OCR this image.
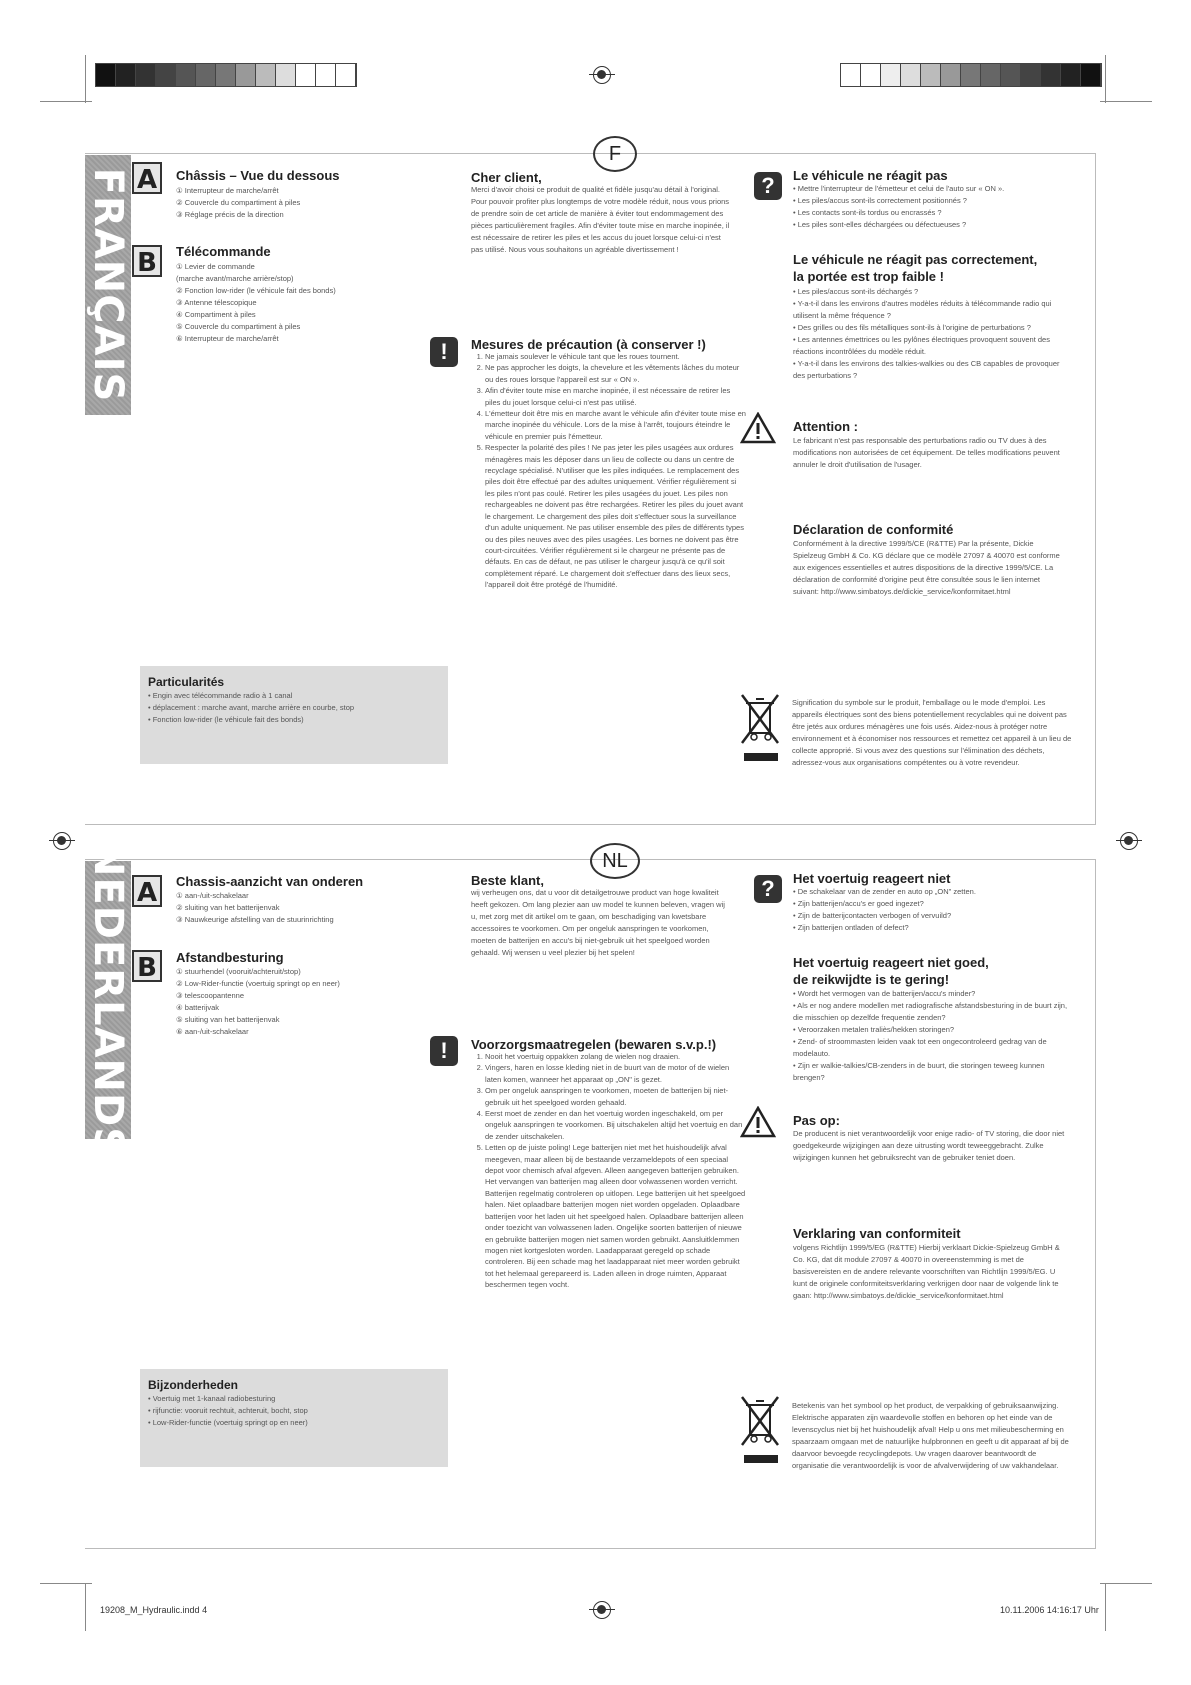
FRANÇAIS A	Châssis – Vue du dessous
① Interrupteur de marche/arrêt
② Couvercle du compartiment à piles
③ Réglage précis de la direction
B	Télécommande
① Levier de commande
(marche avant/marche arrière/stop)
② Fonction low-rider (le véhicule fait des bonds)
③ Antenne télescopique
④ Compartiment à piles
⑤ Couvercle du compartiment à piles
⑥ Interrupteur de marche/arrêt
F
Cher client,
Merci d'avoir choisi ce produit de qualité et fidèle jusqu'au détail à l'original. Pour pouvoir profiter plus longtemps de votre modèle réduit, nous vous prions de prendre soin de cet article de manière à éviter tout endommagement des pièces particulièrement fragiles. Afin d'éviter toute mise en marche inopinée, il est nécessaire de retirer les piles et les accus du jouet lorsque celui-ci n'est pas utilisé. Nous vous souhaitons un agréable divertissement !
!	Mesures de précaution (à conserver !)
1. Ne jamais soulever le véhicule tant que les roues tournent.
2. Ne pas approcher les doigts, la chevelure et les vêtements lâches du moteur ou des roues lorsque l'appareil est sur « ON ».
3. Afin d'éviter toute mise en marche inopinée, il est nécessaire de retirer les piles du jouet lorsque celui-ci n'est pas utilisé.
4. L'émetteur doit être mis en marche avant le véhicule afin d'éviter toute mise en marche inopinée du véhicule. Lors de la mise à l'arrêt, toujours éteindre le véhicule en premier puis l'émetteur.
5. Respecter la polarité des piles ! Ne pas jeter les piles usagées aux ordures ménagères mais les déposer dans un lieu de collecte ou dans un centre de recyclage spécialisé. N'utiliser que les piles indiquées. Le remplacement des piles doit être effectué par des adultes uniquement. Vérifier régulièrement si les piles n'ont pas coulé. Retirer les piles usagées du jouet. Les piles non rechargeables ne doivent pas être rechargées. Retirer les piles du jouet avant le chargement. Le chargement des piles doit s'effectuer sous la surveillance d'un adulte uniquement. Ne pas utiliser ensemble des piles de différents types ou des piles neuves avec des piles usagées. Les bornes ne doivent pas être court-circuitées. Vérifier régulièrement si le chargeur ne présente pas de défauts. En cas de défaut, ne pas utiliser le chargeur jusqu'à ce qu'il soit complètement réparé. Le chargement doit s'effectuer dans des lieux secs, l'appareil doit être protégé de l'humidité.
?	Le véhicule ne réagit pas
• Mettre l'interrupteur de l'émetteur et celui de l'auto sur « ON ».
• Les piles/accus sont-ils correctement positionnés ?
• Les contacts sont-ils tordus ou encrassés ?
• Les piles sont-elles déchargées ou défectueuses ?
Le véhicule ne réagit pas correctement,
la portée est trop faible !
• Les piles/accus sont-ils déchargés ?
• Y-a-t-il dans les environs d'autres modèles réduits à télécommande radio qui utilisent la même fréquence ?
• Des grilles ou des fils métalliques sont-ils à l'origine de perturbations ?
• Les antennes émettrices ou les pylônes électriques provoquent souvent des réactions incontrôlées du modèle réduit.
• Y-a-t-il dans les environs des talkies-walkies ou des CB capables de provoquer des perturbations ?
Attention :
Le fabricant n'est pas responsable des perturbations radio ou TV dues à des modifications non autorisées de cet équipement. De telles modifications peuvent annuler le droit d'utilisation de l'usager.
Déclaration de conformité
Conformément à la directive 1999/5/CE (R&TTE) Par la présente, Dickie Spielzeug GmbH & Co. KG déclare que ce modèle 27097 & 40070 est conforme aux exigences essentielles et autres dispositions de la directive 1999/5/CE. La déclaration de conformité d'origine peut être consultée sous le lien internet suivant: http://www.simbatoys.de/dickie_service/konformitaet.html
Particularités
• Engin avec télécommande radio à 1 canal
• déplacement : marche avant, marche arrière en courbe, stop
• Fonction low-rider (le véhicule fait des bonds)
Signification du symbole sur le produit, l'emballage ou le mode d'emploi. Les appareils électriques sont des biens potentiellement recyclables qui ne doivent pas être jetés aux ordures ménagères une fois usés. Aidez-nous à protéger notre environnement et à économiser nos ressources et remettez cet appareil à un lieu de collecte approprié. Si vous avez des questions sur l'élimination des déchets, adressez-vous aux organisations compétentes ou à votre revendeur.
NEDERLANDS A	Chassis-aanzicht van onderen
① aan-/uit-schakelaar
② sluiting van het batterijenvak
③ Nauwkeurige afstelling van de stuurinrichting
B	Afstandbesturing
① stuurhendel (vooruit/achteruit/stop)
② Low-Rider-functie (voertuig springt op en neer)
③ telescoopantenne
④ batterijvak
⑤ sluiting van het batterijenvak
⑥ aan-/uit-schakelaar
NL
Beste klant,
wij verheugen ons, dat u voor dit detailgetrouwe product van hoge kwaliteit heeft gekozen. Om lang plezier aan uw model te kunnen beleven, vragen wij u, met zorg met dit artikel om te gaan, om beschadiging van kwetsbare accessoires te voorkomen. Om per ongeluk aanspringen te voorkomen, moeten de batterijen en accu's bij niet-gebruik uit het speelgoed worden gehaald. Wij wensen u veel plezier bij het spelen!
!	Voorzorgsmaatregelen (bewaren s.v.p.!)
1. Nooit het voertuig oppakken zolang de wielen nog draaien.
2. Vingers, haren en losse kleding niet in de buurt van de motor of de wielen laten komen, wanneer het apparaat op „ON" is gezet.
3. Om per ongeluk aanspringen te voorkomen, moeten de batterijen bij niet-gebruik uit het speelgoed worden gehaald.
4. Eerst moet de zender en dan het voertuig worden ingeschakeld, om per ongeluk aanspringen te voorkomen. Bij uitschakelen altijd het voertuig en dan de zender uitschakelen.
5. Letten op de juiste poling! Lege batterijen niet met het huishoudelijk afval meegeven, maar alleen bij de bestaande verzameldepots of een speciaal depot voor chemisch afval afgeven. Alleen aangegeven batterijen gebruiken. Het vervangen van batterijen mag alleen door volwassenen worden verricht. Batterijen regelmatig controleren op uitlopen. Lege batterijen uit het speelgoed halen. Niet oplaadbare batterijen mogen niet worden opgeladen. Oplaadbare batterijen voor het laden uit het speelgoed halen. Oplaadbare batterijen alleen onder toezicht van volwassenen laden. Ongelijke soorten batterijen of nieuwe en gebruikte batterijen mogen niet samen worden gebruikt. Aansluitklemmen mogen niet kortgesloten worden. Laadapparaat geregeld op schade controleren. Bij een schade mag het laadapparaat niet meer worden gebruikt tot het helemaal gerepareerd is. Laden alleen in droge ruimten, Apparaat beschermen tegen vocht.
?	Het voertuig reageert niet
• De schakelaar van de zender en auto op „ON" zetten.
• Zijn batterijen/accu's er goed ingezet?
• Zijn de batterijcontacten verbogen of vervuild?
• Zijn batterijen ontladen of defect?
Het voertuig reageert niet goed,
de reikwijdte is te gering!
• Wordt het vermogen van de batterijen/accu's minder?
• Als er nog andere modellen met radiografische afstandsbesturing in de buurt zijn, die misschien op dezelfde frequentie zenden?
• Veroorzaken metalen traliès/hekken storingen?
• Zend- of stroommasten leiden vaak tot een ongecontroleerd gedrag van de modelauto.
• Zijn er walkie-talkies/CB-zenders in de buurt, die storingen teweeg kunnen brengen?
Pas op:
De producent is niet verantwoordelijk voor enige radio- of TV storing, die door niet goedgekeurde wijzigingen aan deze uitrusting wordt teweeggebracht. Zulke wijzigingen kunnen het gebruiksrecht van de gebruiker teniet doen.
Verklaring van conformiteit
volgens Richtlijn 1999/5/EG (R&TTE) Hierbij verklaart Dickie-Spielzeug GmbH & Co. KG, dat dit module 27097 & 40070 in overeenstemming is met de basisvereisten en de andere relevante voorschriften van Richtlijn 1999/5/EG. U kunt de originele conformiteitsverklaring verkrijgen door naar de volgende link te gaan: http://www.simbatoys.de/dickie_service/konformitaet.html
Bijzonderheden
• Voertuig met 1-kanaal radiobesturing
• rijfunctie: vooruit rechtuit, achteruit, bocht, stop
• Low-Rider-functie (voertuig springt op en neer)
Betekenis van het symbool op het product, de verpakking of gebruiksaanwijzing. Elektrische apparaten zijn waardevolle stoffen en behoren op het einde van de levenscyclus niet bij het huishoudelijk afval! Help u ons met milieubescherming en spaarzaam omgaan met de natuurlijke hulpbronnen en geeft u dit apparaat af bij de daarvoor bevoegde recyclingdepots. Uw vragen daarover beantwoordt de organisatie die verantwoordelijk is voor de afvalverwijdering of uw vakhandelaar.
19208_M_Hydraulic.indd 4	10.11.2006 14:16:17 Uhr
